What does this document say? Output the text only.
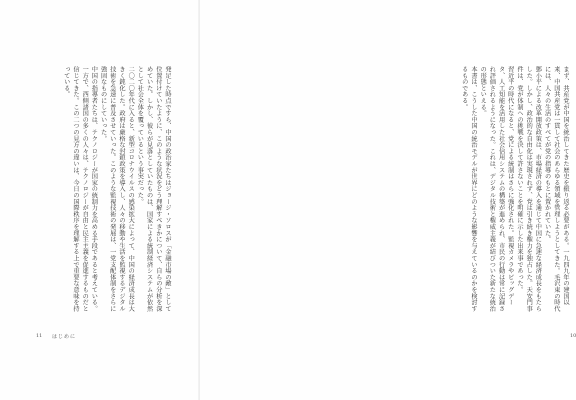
発足した時点ですら、中国の政治家たちはジョージ・ソロスが「金融市場の敵」として位置付けていたように、このような状況をどう理解すべきかについて、自らの分析を深めていた。しかし、彼らが見落としていたものは、国家による統制経済システムが依然として社会全体を覆っているという事実だった。
二〇二〇年代に入ると、新型コロナウイルスの感染拡大によって、中国の経済成長は大きく鈍化した。政府は厳格な封鎖政策を導入し、人々の移動や生活を監視するデジタル技術を急速に普及させていった。このような監視技術の発展は、一党支配体制をさらに強固なものにしていった。
中国の指導者たちは、テクノロジーが国家の統制力を高める手段であると考えている。一方で、西側諸国の多くの人々は、テクノロジーが自由と民主主義を促進するものだと信じてきた。この二つの見方の違いは、今日の国際秩序を理解する上で重要な意味を持っている。
11 はじめに
まず、共産党が中国を統治してきた歴史を振り返る必要がある。一九四九年の建国以来、中国共産党は一貫して社会のあらゆる領域を管理しようとしてきた。毛沢東の時代には、人々の生活のすべてが党の指導のもとに置かれていた。
鄧小平による改革開放政策は、市場経済の導入を通じて中国に急速な経済成長をもたらした。しかし、政治的な自由化は実現されず、党は引き続き権力を独占した。天安門事件は、党が体制への挑戦を決して許さないことを明確に示した出来事であった。
習近平の時代になると、党による統制はさらに強化された。監視カメラやビッグデータ、人工知能を活用した社会信用システムの構築が進められ、市民の行動は常に記録され評価されるようになった。これは、デジタル技術と権威主義が結びついた新たな統治の形態といえる。
本書は、こうした中国の統治モデルが世界にどのような影響を与えているのかを検討するものである。
10
